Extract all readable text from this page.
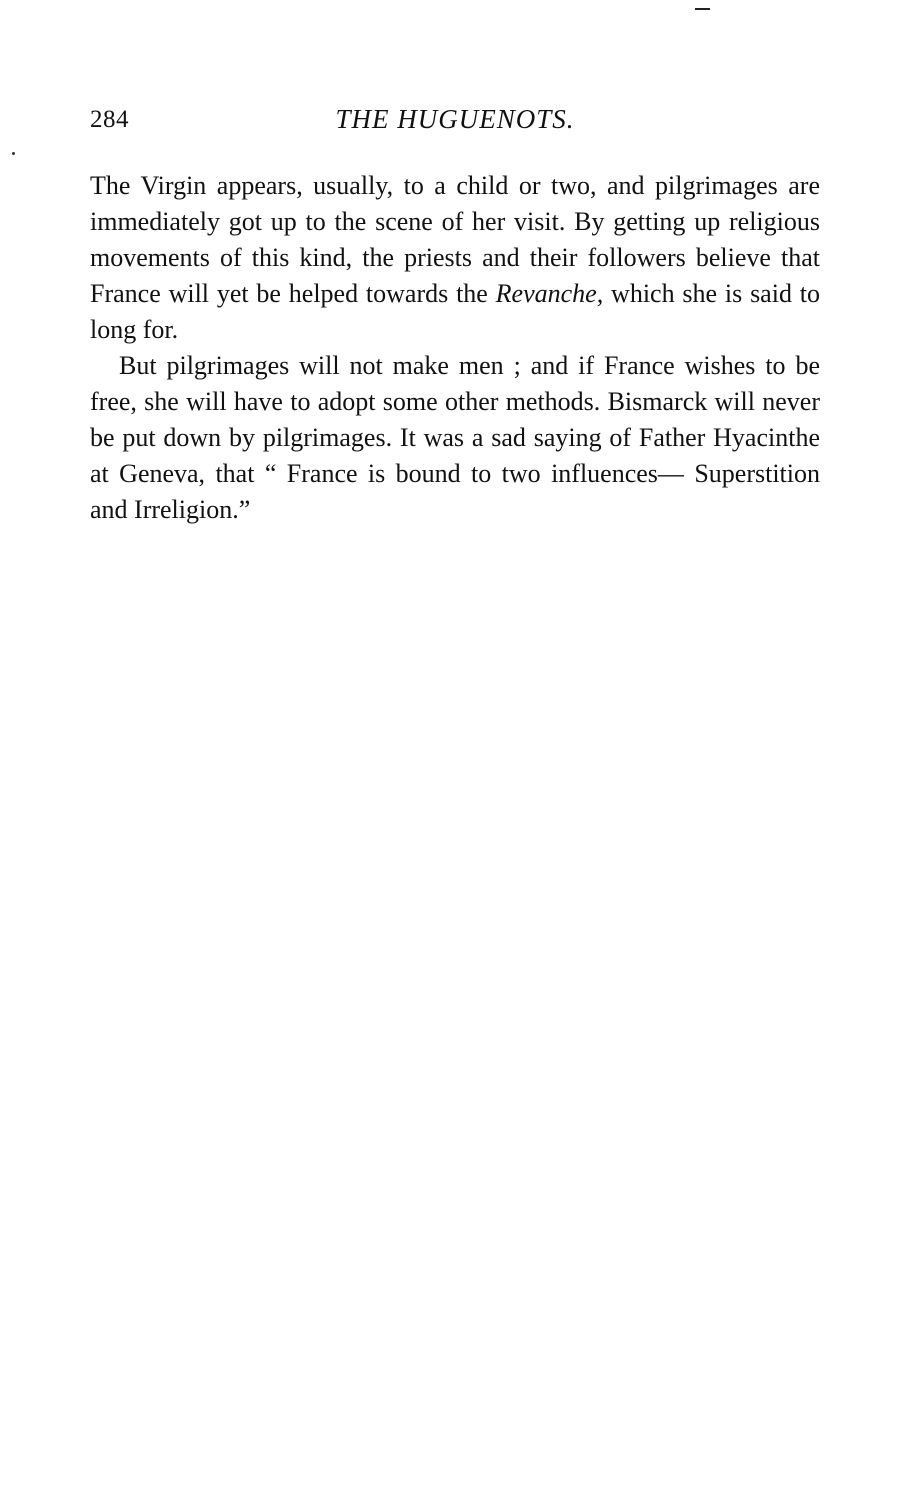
284	THE HUGUENOTS.

The Virgin appears, usually, to a child or two, and pilgrimages are immediately got up to the scene of her visit. By getting up religious movements of this kind, the priests and their followers believe that France will yet be helped towards the Revanche, which she is said to long for.

But pilgrimages will not make men ; and if France wishes to be free, she will have to adopt some other methods. Bismarck will never be put down by pilgrimages. It was a sad saying of Father Hyacinthe at Geneva, that “ France is bound to two influences— Superstition and Irreligion.”
